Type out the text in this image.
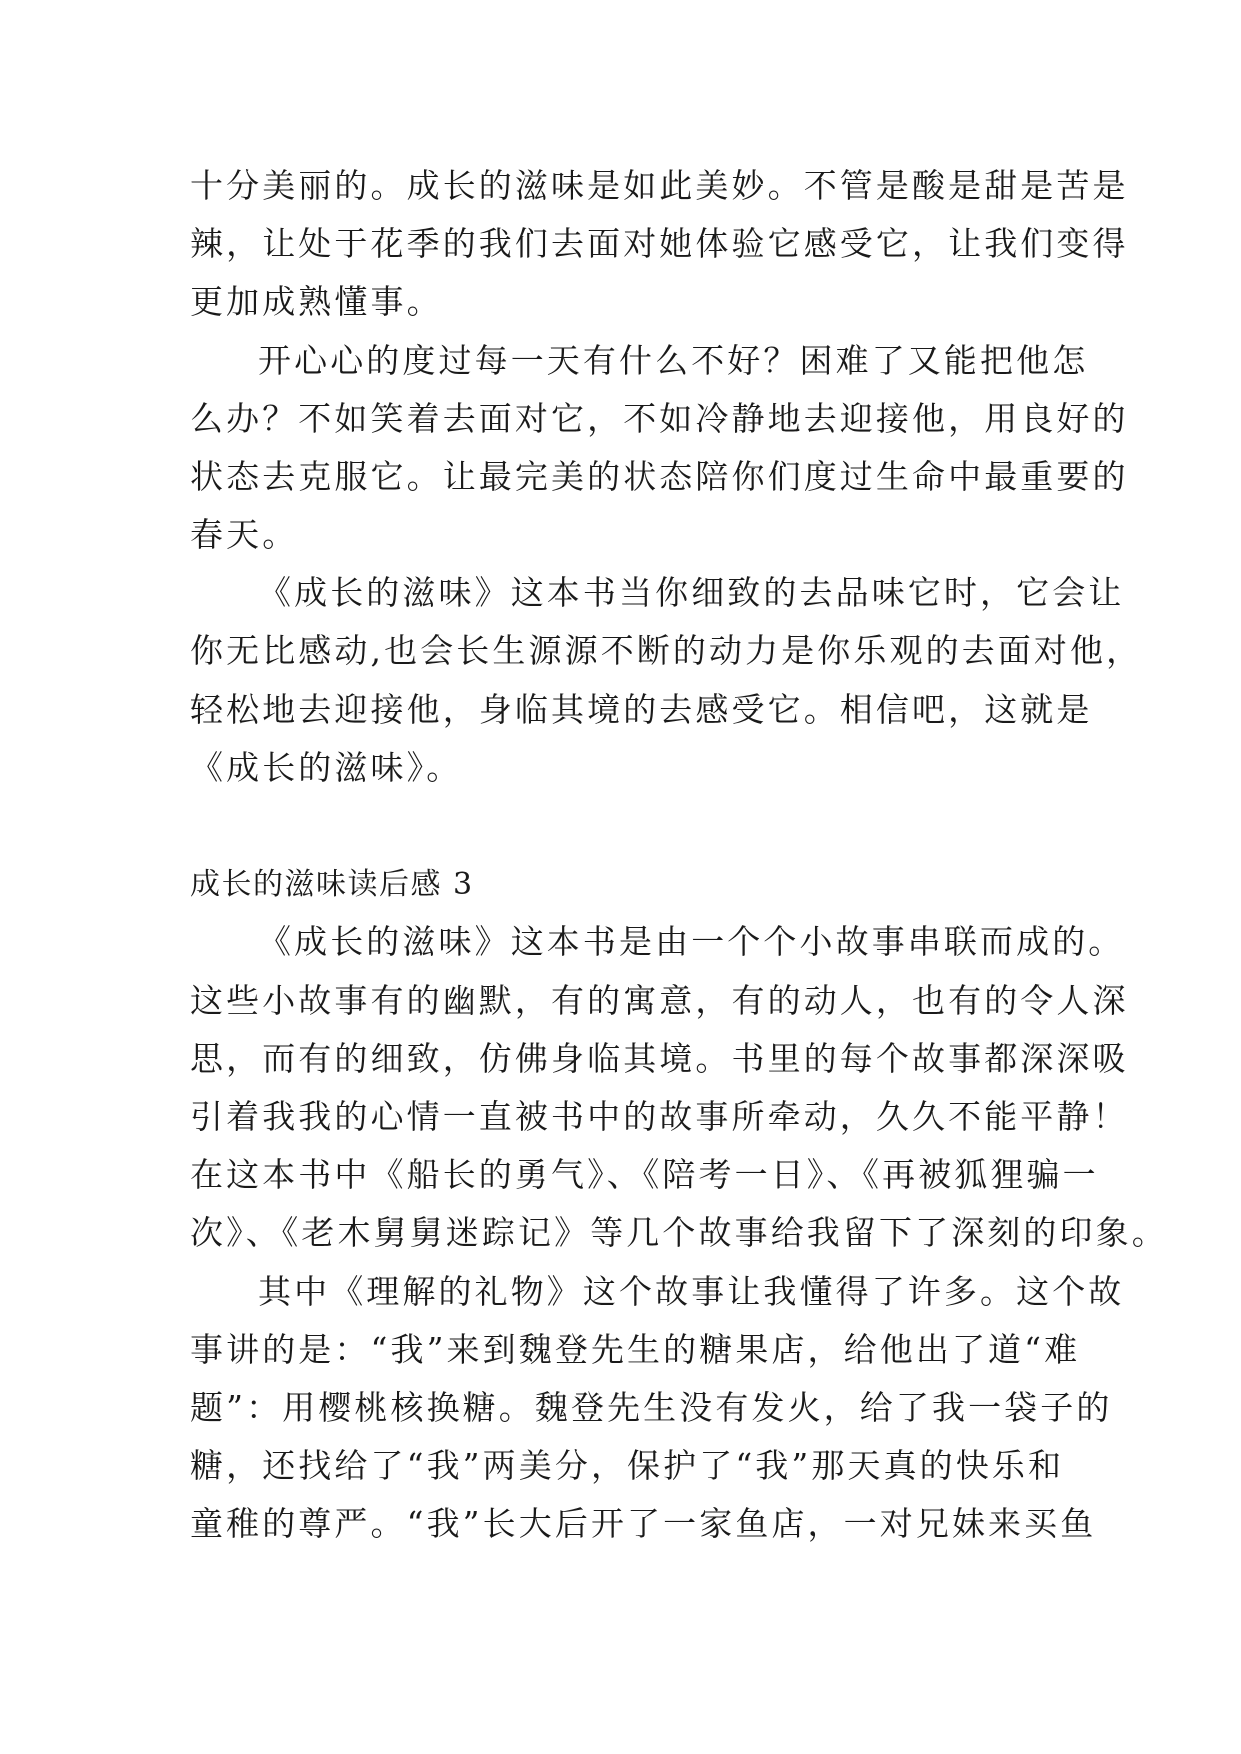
十分美丽的。成长的滋味是如此美妙。不管是酸是甜是苦是
辣，让处于花季的我们去面对她体验它感受它，让我们变得
更加成熟懂事。
开心心的度过每一天有什么不好？困难了又能把他怎
么办？不如笑着去面对它，不如冷静地去迎接他，用良好的
状态去克服它。让最完美的状态陪你们度过生命中最重要的
春天。
《成长的滋味》这本书当你细致的去品味它时，它会让
你无比感动,也会长生源源不断的动力是你乐观的去面对他，
轻松地去迎接他，身临其境的去感受它。相信吧，这就是
《成长的滋味》。
成长的滋味读后感 3
《成长的滋味》这本书是由一个个小故事串联而成的。
这些小故事有的幽默，有的寓意，有的动人，也有的令人深
思，而有的细致，仿佛身临其境。书里的每个故事都深深吸
引着我我的心情一直被书中的故事所牵动，久久不能平静！
在这本书中《船长的勇气》、《陪考一日》、《再被狐狸骗一
次》、《老木舅舅迷踪记》等几个故事给我留下了深刻的印象。
其中《理解的礼物》这个故事让我懂得了许多。这个故
事讲的是：“我”来到魏登先生的糖果店，给他出了道“难
题”：用樱桃核换糖。魏登先生没有发火，给了我一袋子的
糖，还找给了“我”两美分，保护了“我”那天真的快乐和
童稚的尊严。“我”长大后开了一家鱼店，一对兄妹来买鱼
